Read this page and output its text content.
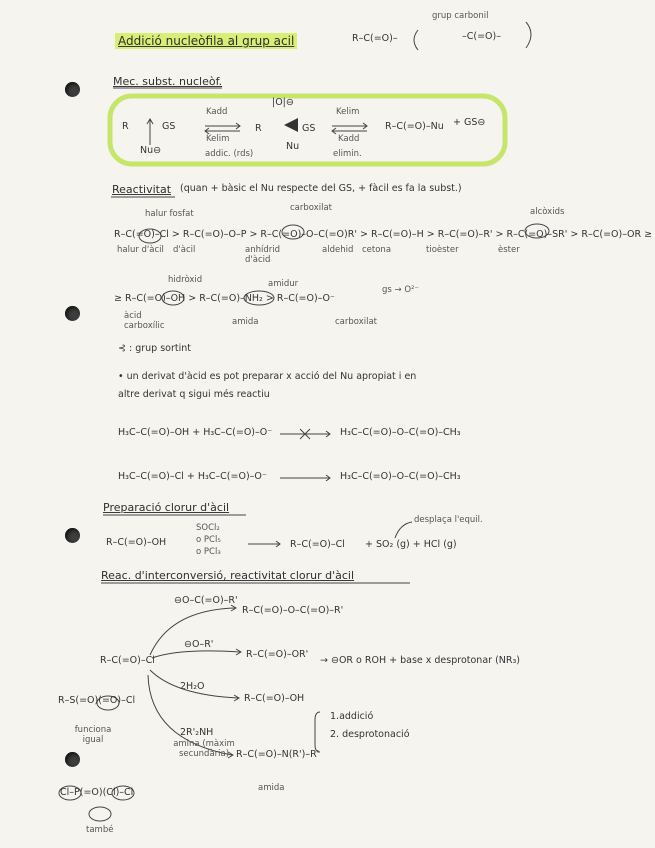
Addició nucleòfila al grup acil	R–C(=O)–
grup carbonil
–C(=O)–
Mec. subst. nucleòf.
R	GS
Nu⊖
Kadd
Kelim
addic. (rds)
|O|⊖
R	GS
Nu
Kelim
Kadd
elimin.
R–C(=O)–Nu + GS⊖
Reactivitat (quan + bàsic el Nu respecte del GS, + fàcil es fa la subst.)
halur fosfat
carboxilat	alcòxids
R–C(=O)–Cl > R–C(=O)–O–P > R–C(=O)–O–C(=O)R' > R–C(=O)–H > R–C(=O)–R' > R–C(=O)–SR' > R–C(=O)–OR ≥
halur d'àcil d'àcil	anhídrid d'àcid
aldehid cetona	tioèster	èster
hidròxid	amidur
gs → O²⁻
≥ R–C(=O)–OH > R–C(=O)–NH₂ > R–C(=O)–O⁻
àcid carboxílic	amida	carboxilat
⊰ : grup sortint
• un derivat d'àcid es pot preparar x acció del Nu apropiat i en
altre derivat q sigui més reactiu
H₃C–C(=O)–OH + H₃C–C(=O)–O⁻	H₃C–C(=O)–O–C(=O)–CH₃
H₃C–C(=O)–Cl + H₃C–C(=O)–O⁻	H₃C–C(=O)–O–C(=O)–CH₃
Preparació clorur d'àcil
R–C(=O)–OH
SOCl₂
o PCl₅
o PCl₃
R–C(=O)–Cl + SO₂ (g) + HCl (g)
desplaça l'equil.
Reac. d'interconversió, reactivitat clorur d'àcil
R–C(=O)–Cl
⊖O–C(=O)–R'
R–C(=O)–O–C(=O)–R'
⊖O–R'
R–C(=O)–OR'
→ ⊖OR o ROH + base x desprotonar (NR₃)
2H₂O
R–C(=O)–OH
2R'₂NH
amina (màxim secundària) R–C(=O)–N(R')–R'
amida
1.addició
2. desprotonació
R–S(=O)(=O)–Cl
funciona igual
Cl–P(=O)(Cl)–Cl
també
